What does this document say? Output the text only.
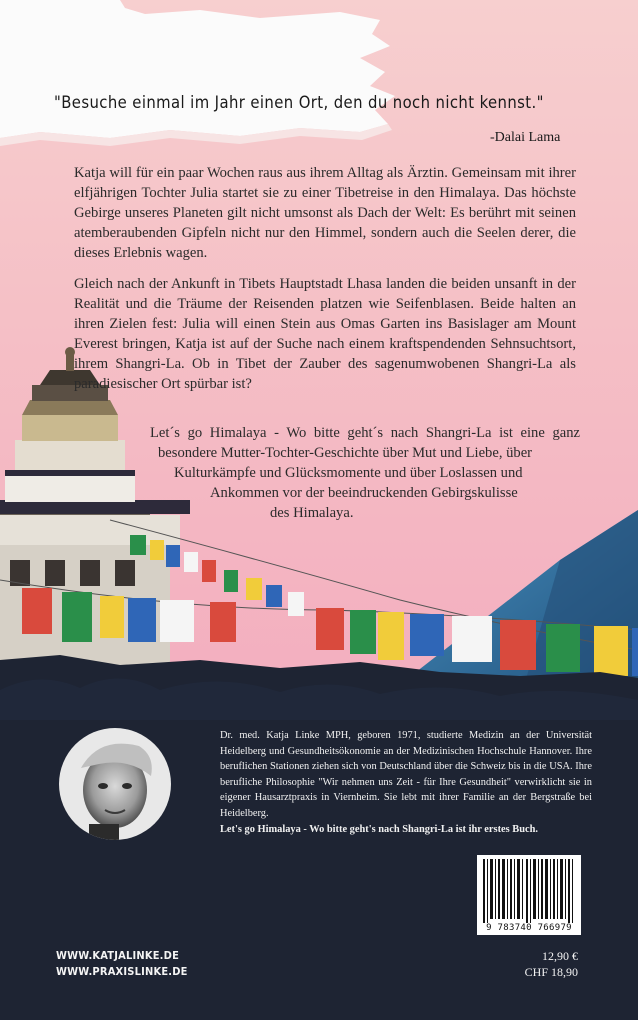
"Besuche einmal im Jahr einen Ort, den du noch nicht kennst."
-Dalai Lama
Katja will für ein paar Wochen raus aus ihrem Alltag als Ärztin. Gemeinsam mit ihrer elfjährigen Tochter Julia startet sie zu einer Tibetreise in den Himalaya. Das höchste Gebirge unseres Planeten gilt nicht umsonst als Dach der Welt: Es berührt mit seinen atemberaubenden Gipfeln nicht nur den Himmel, sondern auch die Seelen derer, die dieses Erlebnis wagen.
Gleich nach der Ankunft in Tibets Hauptstadt Lhasa landen die beiden unsanft in der Realität und die Träume der Reisenden platzen wie Seifenblasen. Beide halten an ihren Zielen fest: Julia will einen Stein aus Omas Garten ins Basislager am Mount Everest bringen, Katja ist auf der Suche nach einem kraftspendenden Sehnsuchtsort, ihrem Shangri-La. Ob in Tibet der Zauber des sagenumwobenen Shangri-La als paradiesischer Ort spürbar ist?
Let´s go Himalaya - Wo bitte geht´s nach Shangri-La ist eine ganz
besondere Mutter-Tochter-Geschichte über Mut und Liebe, über
Kulturkämpfe und Glücksmomente und über Loslassen und
Ankommen vor der beeindruckenden Gebirgskulisse
des Himalaya.
Dr. med. Katja Linke MPH, geboren 1971, studierte Medizin an der Universität Heidelberg und Gesundheitsökonomie an der Medizinischen Hochschule Hannover. Ihre beruflichen Stationen ziehen sich von Deutschland über die Schweiz bis in die USA. Ihre berufliche Philosophie "Wir nehmen uns Zeit - für Ihre Gesundheit" verwirklicht sie in eigener Hausarztpraxis in Viernheim. Sie lebt mit ihrer Familie an der Bergstraße bei Heidelberg.
Let's go Himalaya - Wo bitte geht's nach Shangri-La ist ihr erstes Buch.
9 783740 766979
WWW.KATJALINKE.DE
WWW.PRAXISLINKE.DE
12,90 €
CHF 18,90
